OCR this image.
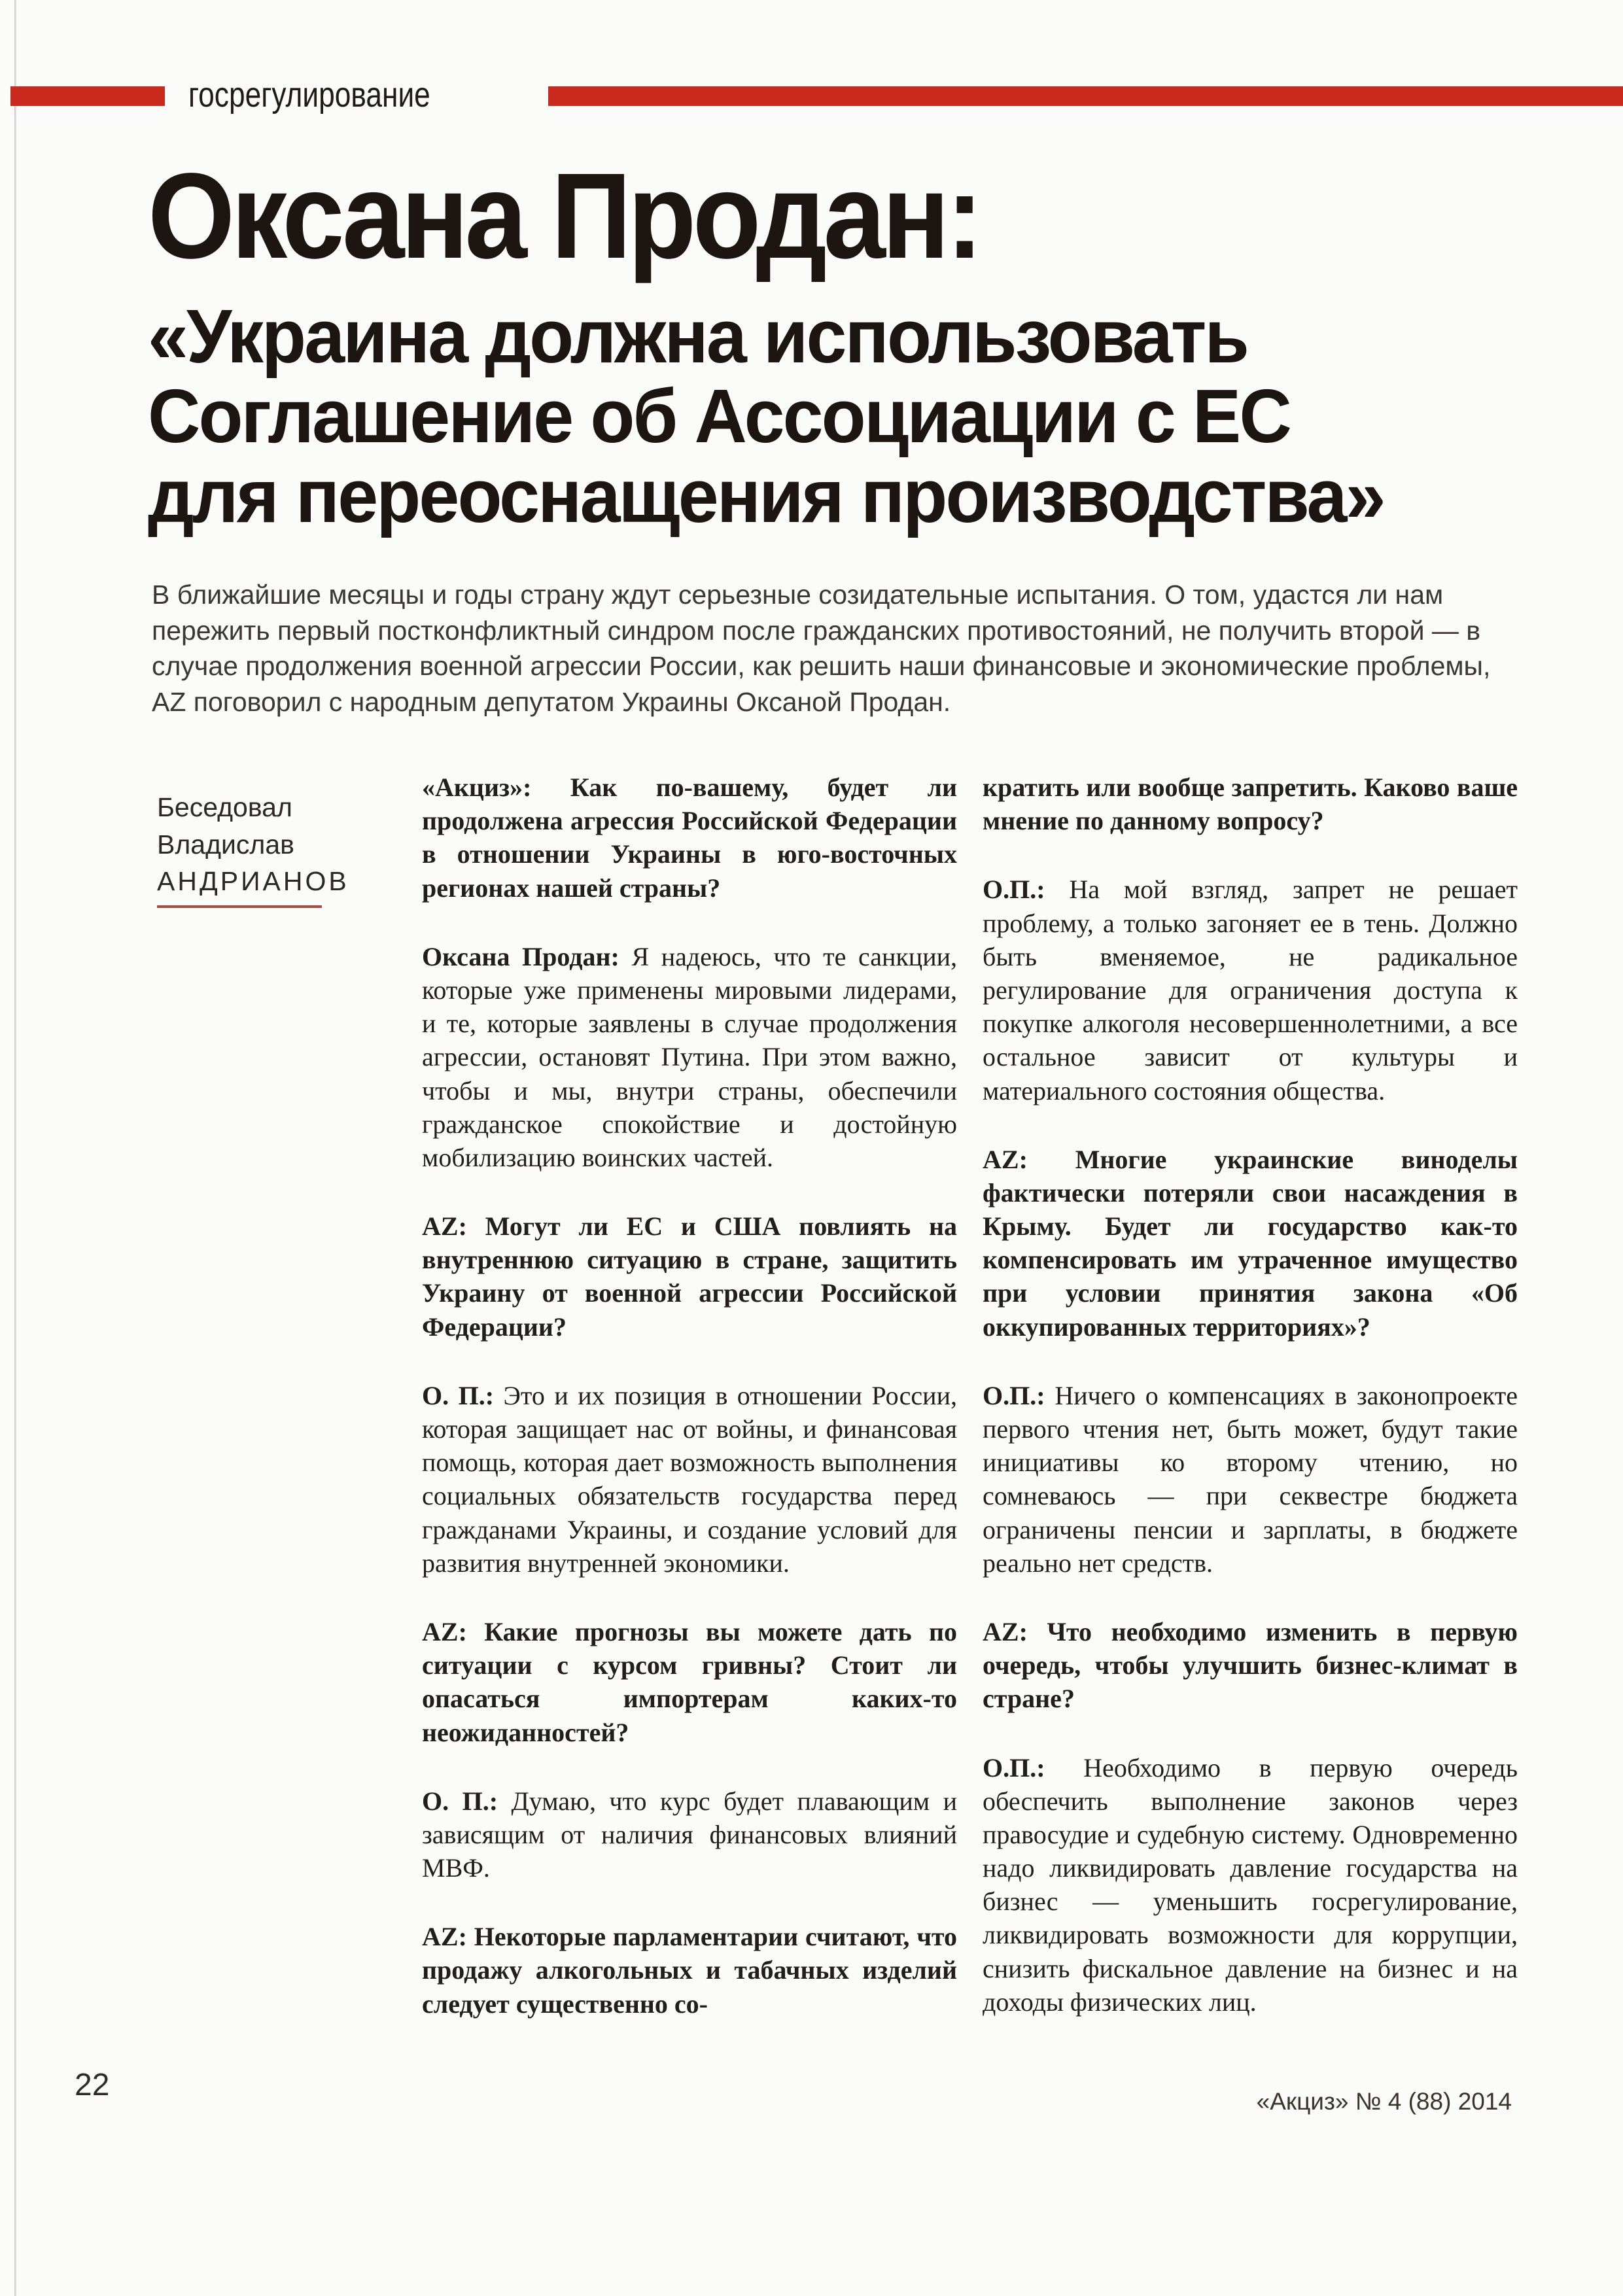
госрегулирование
Оксана Продан:
«Украина должна использовать
Соглашение об Ассоциации с ЕС
для переоснащения производства»
В ближайшие месяцы и годы страну ждут серьезные созидательные испытания. О том, удастся ли нам пережить первый постконфликтный синдром после гражданских противостояний, не получить второй — в случае продолжения военной агрессии России, как решить наши финансовые и экономические проблемы, AZ поговорил с народным депутатом Украины Оксаной Продан.
Беседовал
Владислав
АНДРИАНОВ
«Акциз»: Как по-вашему, будет ли продолжена агрессия Российской Федерации в отношении Украины в юго-восточных регионах нашей страны?
Оксана Продан: Я надеюсь, что те санкции, которые уже применены мировыми лидерами, и те, которые заявлены в случае продолжения агрессии, остановят Путина. При этом важно, чтобы и мы, внутри страны, обеспечили гражданское спокойствие и достойную мобилизацию воинских частей.
AZ: Могут ли ЕС и США повлиять на внутреннюю ситуацию в стране, защитить Украину от военной агрессии Российской Федерации?
О. П.: Это и их позиция в отношении России, которая защищает нас от войны, и финансовая помощь, которая дает возможность выполнения социальных обязательств государства перед гражданами Украины, и создание условий для развития внутренней экономики.
AZ: Какие прогнозы вы можете дать по ситуации с курсом гривны? Стоит ли опасаться импортерам каких-то неожиданностей?
О. П.: Думаю, что курс будет плавающим и зависящим от наличия финансовых влияний МВФ.
AZ: Некоторые парламентарии считают, что продажу алкогольных и табачных изделий следует существенно со-
кратить или вообще запретить. Каково ваше мнение по данному вопросу?
О.П.: На мой взгляд, запрет не решает проблему, а только загоняет ее в тень. Должно быть вменяемое, не радикальное регулирование для ограничения доступа к покупке алкоголя несовершеннолетними, а все остальное зависит от культуры и материального состояния общества.
AZ: Многие украинские виноделы фактически потеряли свои насаждения в Крыму. Будет ли государство как-то компенсировать им утраченное имущество при условии принятия закона «Об оккупированных территориях»?
О.П.: Ничего о компенсациях в законопроекте первого чтения нет, быть может, будут такие инициативы ко второму чтению, но сомневаюсь — при секвестре бюджета ограничены пенсии и зарплаты, в бюджете реально нет средств.
AZ: Что необходимо изменить в первую очередь, чтобы улучшить бизнес-климат в стране?
О.П.: Необходимо в первую очередь обеспечить выполнение законов через правосудие и судебную систему. Одновременно надо ликвидировать давление государства на бизнес — уменьшить госрегулирование, ликвидировать возможности для коррупции, снизить фискальное давление на бизнес и на доходы физических лиц.
22	«Акциз» № 4 (88) 2014
